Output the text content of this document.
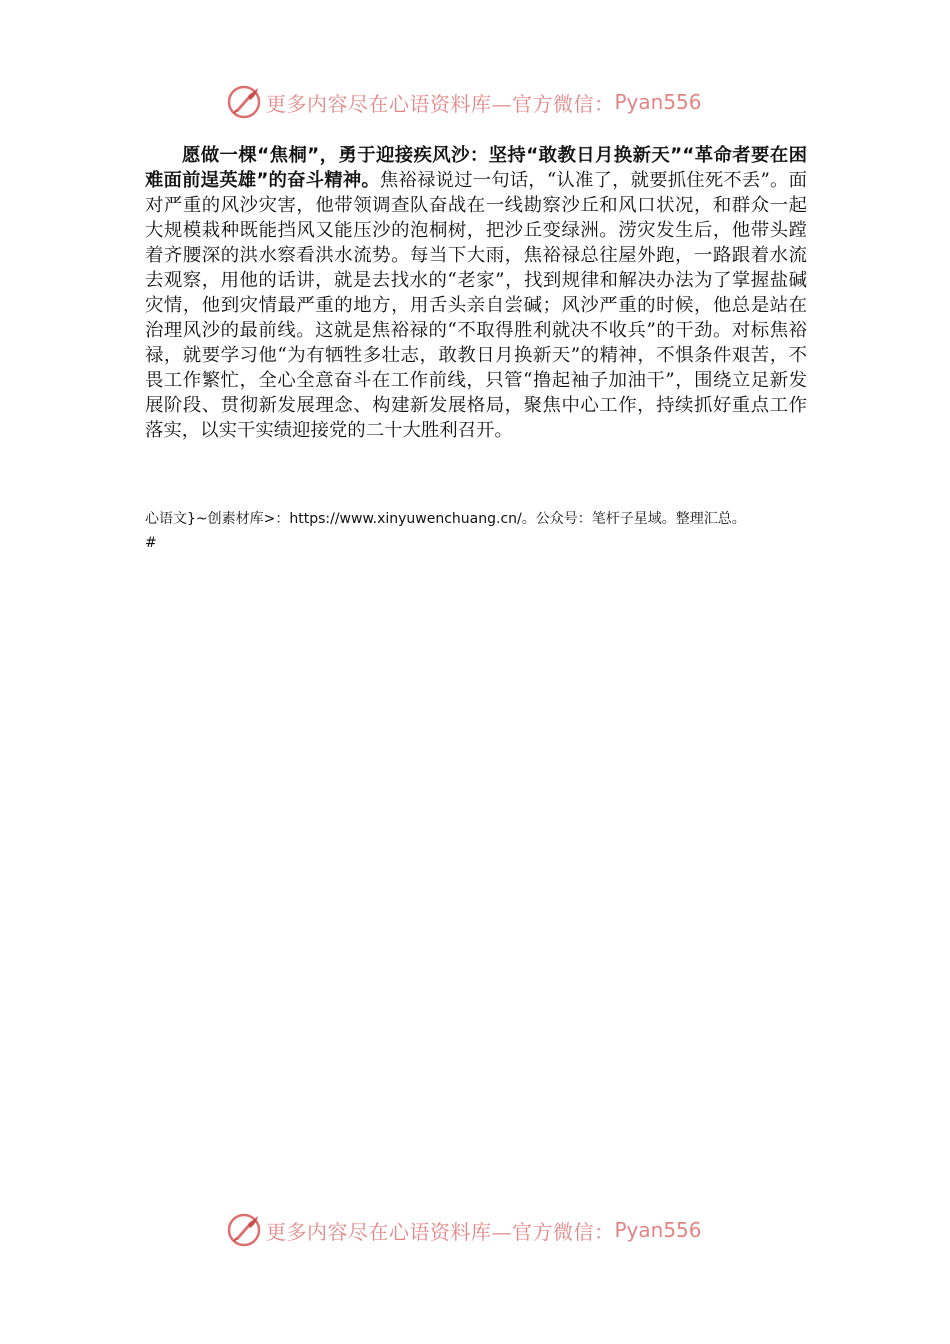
更多内容尽在心语资料库—官方微信： Pyan556

愿做一棵“焦桐”，勇于迎接疾风沙：坚持“敢教日月换新天”“革命者要在困难面前逞英雄”的奋斗精神。焦裕禄说过一句话，“认准了，就要抓住死不丢”。面对严重的风沙灾害，他带领调查队奋战在一线勘察沙丘和风口状况，和群众一起大规模栽种既能挡风又能压沙的泡桐树，把沙丘变绿洲。涝灾发生后，他带头蹚着齐腰深的洪水察看洪水流势。每当下大雨，焦裕禄总往屋外跑，一路跟着水流去观察，用他的话讲，就是去找水的“老家”，找到规律和解决办法为了掌握盐碱灾情，他到灾情最严重的地方，用舌头亲自尝碱；风沙严重的时候，他总是站在治理风沙的最前线。这就是焦裕禄的“不取得胜利就决不收兵”的干劲。对标焦裕禄，就要学习他“为有牺牲多壮志，敢教日月换新天”的精神，不惧条件艰苦，不畏工作繁忙，全心全意奋斗在工作前线，只管“撸起袖子加油干”，围绕立足新发展阶段、贯彻新发展理念、构建新发展格局，聚焦中心工作，持续抓好重点工作落实，以实干实绩迎接党的二十大胜利召开。

心语文}~创素材库>：https://www.xinyuwenchuang.cn/。公众号：笔杆子星域。整理汇总。

#

更多内容尽在心语资料库—官方微信： Pyan556
